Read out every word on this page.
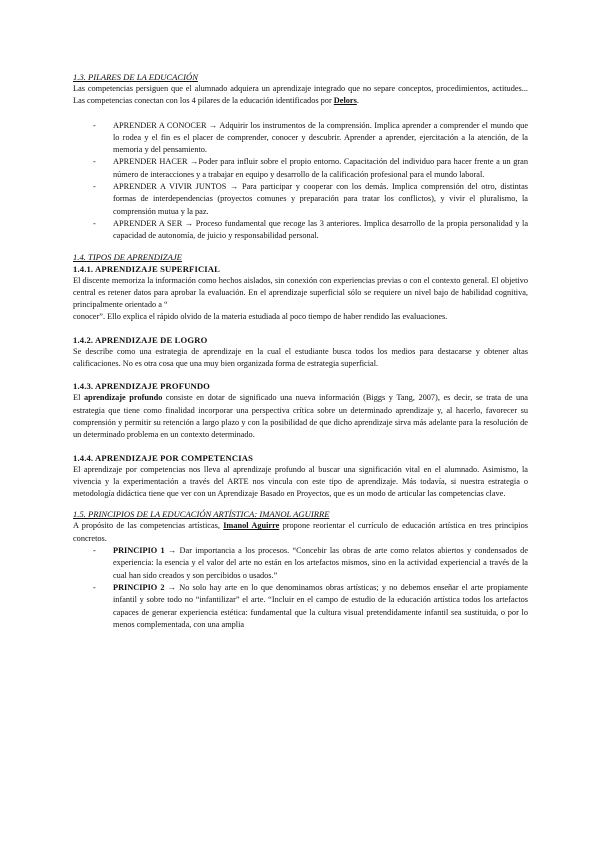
1.3. PILARES DE LA EDUCACIÓN

Las competencias persiguen que el alumnado adquiera un aprendizaje integrado que no separe conceptos, procedimientos, actitudes... Las competencias conectan con los 4 pilares de la educación identificados por Delors.

- APRENDER A CONOCER → Adquirir los instrumentos de la comprensión. Implica aprender a comprender el mundo que lo rodea y el fin es el placer de comprender, conocer y descubrir. Aprender a aprender, ejercitación a la atención, de la memoria y del pensamiento.
- APRENDER HACER →Poder para influir sobre el propio entorno. Capacitación del individuo para hacer frente a un gran número de interacciones y a trabajar en equipo y desarrollo de la calificación profesional para el mundo laboral.
- APRENDER A VIVIR JUNTOS → Para participar y cooperar con los demás. Implica comprensión del otro, distintas formas de interdependencias (proyectos comunes y preparación para tratar los conflictos), y vivir el pluralismo, la comprensión mutua y la paz.
- APRENDER A SER → Proceso fundamental que recoge las 3 anteriores. Implica desarrollo de la propia personalidad y la capacidad de autonomía, de juicio y responsabilidad personal.
1.4. TIPOS DE APRENDIZAJE
1.4.1. APRENDIZAJE SUPERFICIAL

El discente memoriza la información como hechos aislados, sin conexión con experiencias previas o con el contexto general. El objetivo central es retener datos para aprobar la evaluación. En el aprendizaje superficial sólo se requiere un nivel bajo de habilidad cognitiva, principalmente orientado a “

conocer”. Ello explica el rápido olvido de la materia estudiada al poco tiempo de haber rendido las evaluaciones.

1.4.2. APRENDIZAJE DE LOGRO

Se describe como una estrategia de aprendizaje en la cual el estudiante busca todos los medios para destacarse y obtener altas calificaciones. No es otra cosa que una muy bien organizada forma de estrategia superficial.

1.4.3. APRENDIZAJE PROFUNDO

El aprendizaje profundo consiste en dotar de significado una nueva información (Biggs y Tang, 2007), es decir, se trata de una estrategia que tiene como finalidad incorporar una perspectiva crítica sobre un determinado aprendizaje y, al hacerlo, favorecer su comprensión y permitir su retención a largo plazo y con la posibilidad de que dicho aprendizaje sirva más adelante para la resolución de un determinado problema en un contexto determinado.

1.4.4. APRENDIZAJE POR COMPETENCIAS

El aprendizaje por competencias nos lleva al aprendizaje profundo al buscar una significación vital en el alumnado. Asimismo, la vivencia y la experimentación a través del ARTE nos vincula con este tipo de aprendizaje. Más todavía, si nuestra estrategia o metodología didáctica tiene que ver con un Aprendizaje Basado en Proyectos, que es un modo de articular las competencias clave.

1.5. PRINCIPIOS DE LA EDUCACIÓN ARTÍSTICA: IMANOL AGUIRRE

A propósito de las competencias artísticas, Imanol Aguirre propone reorientar el currículo de educación artística en tres principios concretos.

- PRINCIPIO 1 → Dar importancia a los procesos. “Concebir las obras de arte como relatos abiertos y condensados de experiencia: la esencia y el valor del arte no están en los artefactos mismos, sino en la actividad experiencial a través de la cual han sido creados y son percibidos o usados.”
- PRINCIPIO 2 → No solo hay arte en lo que denominamos obras artísticas; y no debemos enseñar el arte propiamente infantil y sobre todo no “infantilizar” el arte. “Incluir en el campo de estudio de la educación artística todos los artefactos capaces de generar experiencia estética: fundamental que la cultura visual pretendidamente infantil sea sustituida, o por lo menos complementada, con una amplia
